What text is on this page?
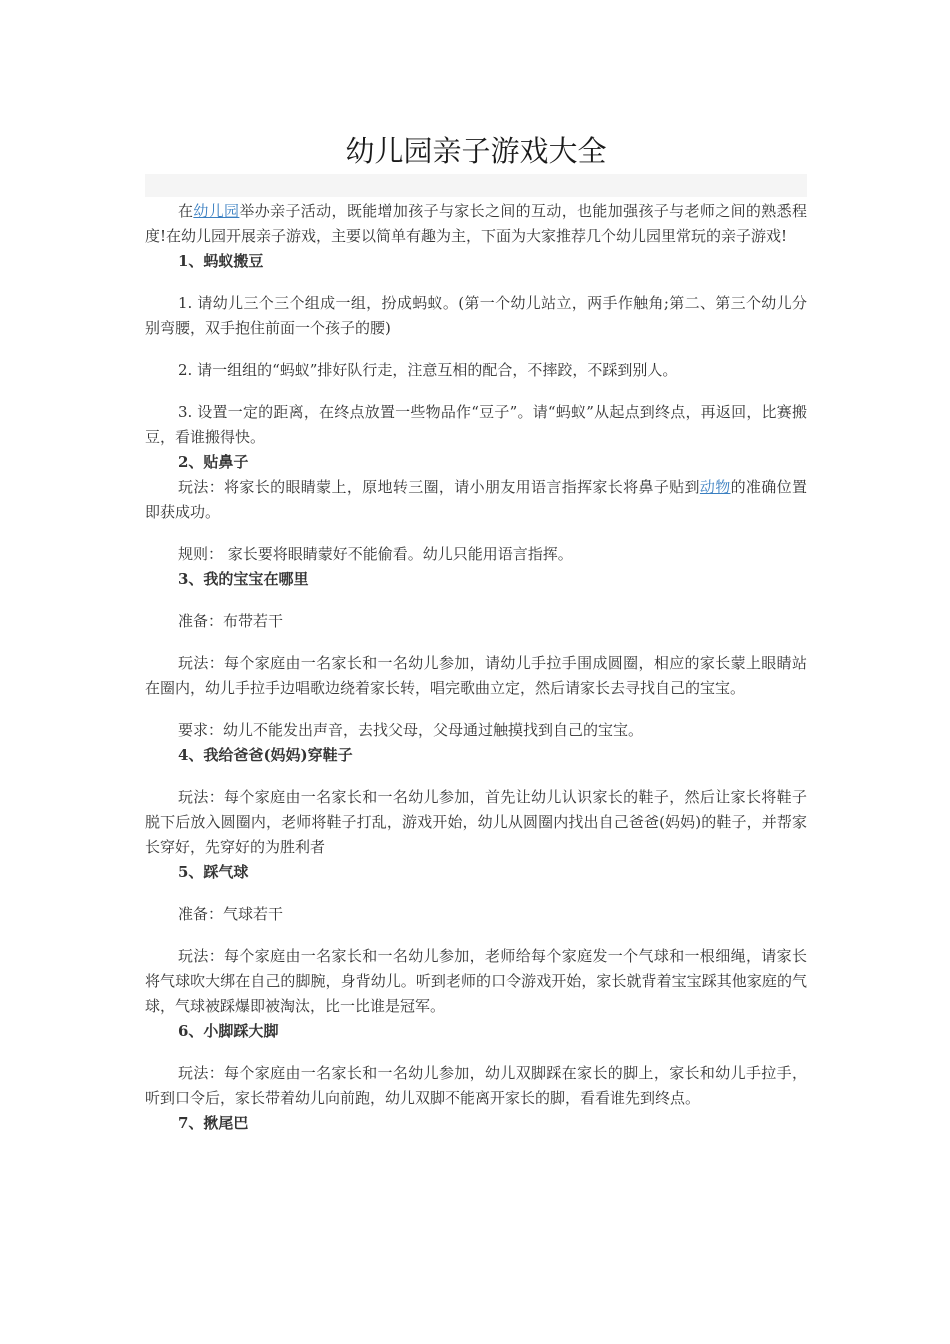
幼儿园亲子游戏大全

在幼儿园举办亲子活动，既能增加孩子与家长之间的互动，也能加强孩子与老师之间的熟悉程度!在幼儿园开展亲子游戏，主要以简单有趣为主，下面为大家推荐几个幼儿园里常玩的亲子游戏!

1、蚂蚁搬豆

1. 请幼儿三个三个组成一组，扮成蚂蚁。(第一个幼儿站立，两手作触角;第二、第三个幼儿分别弯腰，双手抱住前面一个孩子的腰)

2. 请一组组的“蚂蚁”排好队行走，注意互相的配合，不摔跤，不踩到别人。

3. 设置一定的距离，在终点放置一些物品作“豆子”。请“蚂蚁”从起点到终点，再返回，比赛搬豆，看谁搬得快。

2、贴鼻子

玩法：将家长的眼睛蒙上，原地转三圈，请小朋友用语言指挥家长将鼻子贴到动物的准确位置即获成功。

规则： 家长要将眼睛蒙好不能偷看。幼儿只能用语言指挥。

3、我的宝宝在哪里

准备：布带若干

玩法：每个家庭由一名家长和一名幼儿参加，请幼儿手拉手围成圆圈，相应的家长蒙上眼睛站在圈内，幼儿手拉手边唱歌边绕着家长转，唱完歌曲立定，然后请家长去寻找自己的宝宝。

要求：幼儿不能发出声音，去找父母，父母通过触摸找到自己的宝宝。

4、我给爸爸(妈妈)穿鞋子

玩法：每个家庭由一名家长和一名幼儿参加，首先让幼儿认识家长的鞋子，然后让家长将鞋子脱下后放入圆圈内，老师将鞋子打乱，游戏开始，幼儿从圆圈内找出自己爸爸(妈妈)的鞋子，并帮家长穿好，先穿好的为胜利者

5、踩气球

准备：气球若干

玩法：每个家庭由一名家长和一名幼儿参加，老师给每个家庭发一个气球和一根细绳，请家长将气球吹大绑在自己的脚腕，身背幼儿。听到老师的口令游戏开始，家长就背着宝宝踩其他家庭的气球，气球被踩爆即被淘汰，比一比谁是冠军。

6、小脚踩大脚

玩法：每个家庭由一名家长和一名幼儿参加，幼儿双脚踩在家长的脚上，家长和幼儿手拉手，听到口令后，家长带着幼儿向前跑，幼儿双脚不能离开家长的脚，看看谁先到终点。

7、揪尾巴
